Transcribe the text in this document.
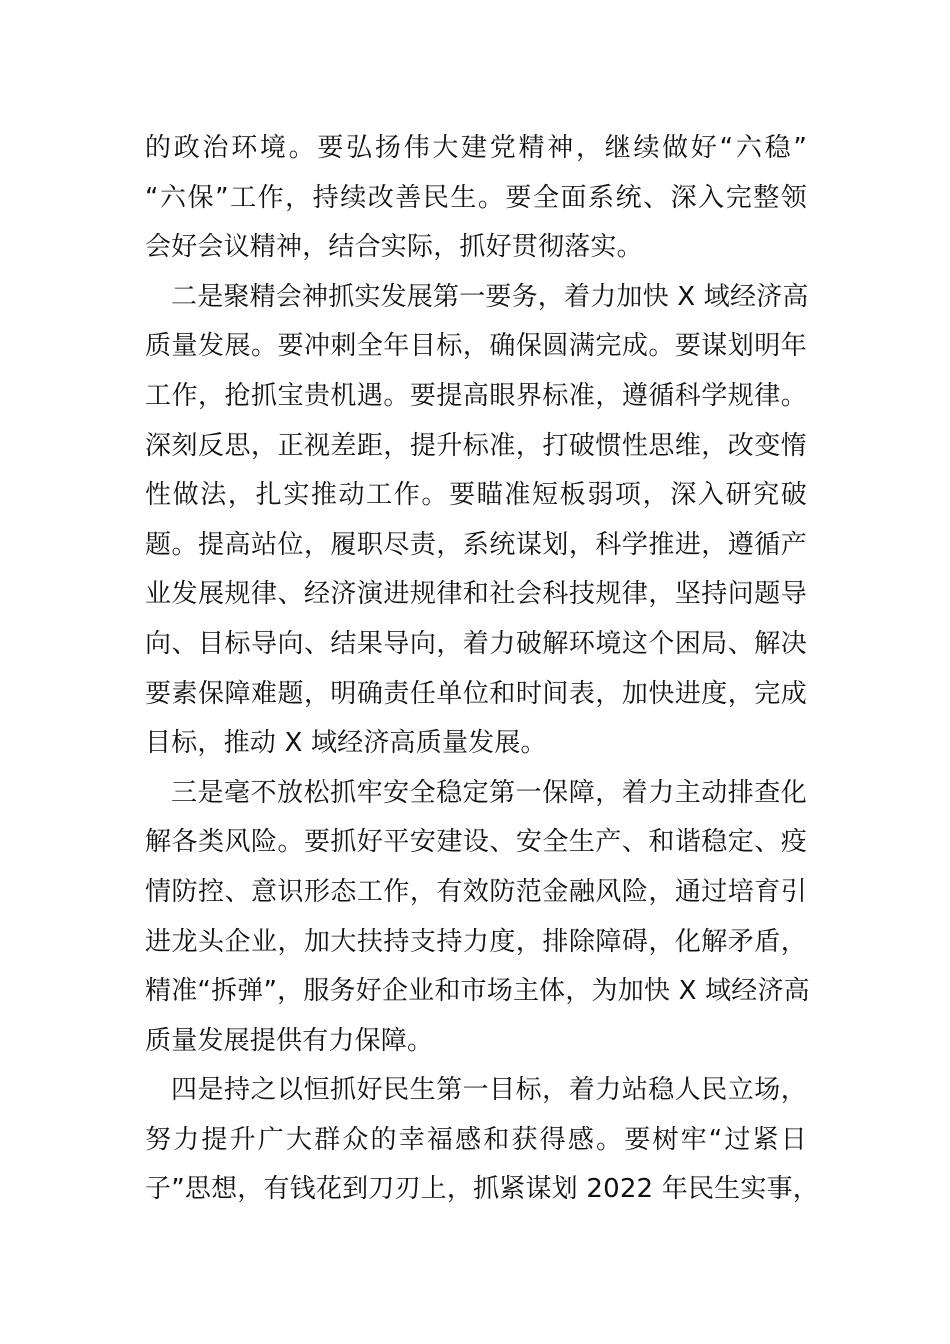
的政治环境。要弘扬伟大建党精神，继续做好“六稳”
“六保”工作，持续改善民生。要全面系统、深入完整领
会好会议精神，结合实际，抓好贯彻落实。
二是聚精会神抓实发展第一要务，着力加快 X 域经济高
质量发展。要冲刺全年目标，确保圆满完成。要谋划明年
工作，抢抓宝贵机遇。要提高眼界标准，遵循科学规律。
深刻反思，正视差距，提升标准，打破惯性思维，改变惰
性做法，扎实推动工作。要瞄准短板弱项，深入研究破
题。提高站位，履职尽责，系统谋划，科学推进，遵循产
业发展规律、经济演进规律和社会科技规律，坚持问题导
向、目标导向、结果导向，着力破解环境这个困局、解决
要素保障难题，明确责任单位和时间表，加快进度，完成
目标，推动 X 域经济高质量发展。
三是毫不放松抓牢安全稳定第一保障，着力主动排查化
解各类风险。要抓好平安建设、安全生产、和谐稳定、疫
情防控、意识形态工作，有效防范金融风险，通过培育引
进龙头企业，加大扶持支持力度，排除障碍，化解矛盾，
精准“拆弹”，服务好企业和市场主体，为加快 X 域经济高
质量发展提供有力保障。
四是持之以恒抓好民生第一目标，着力站稳人民立场，
努力提升广大群众的幸福感和获得感。要树牢“过紧日
子”思想，有钱花到刀刃上，抓紧谋划 2022 年民生实事，
